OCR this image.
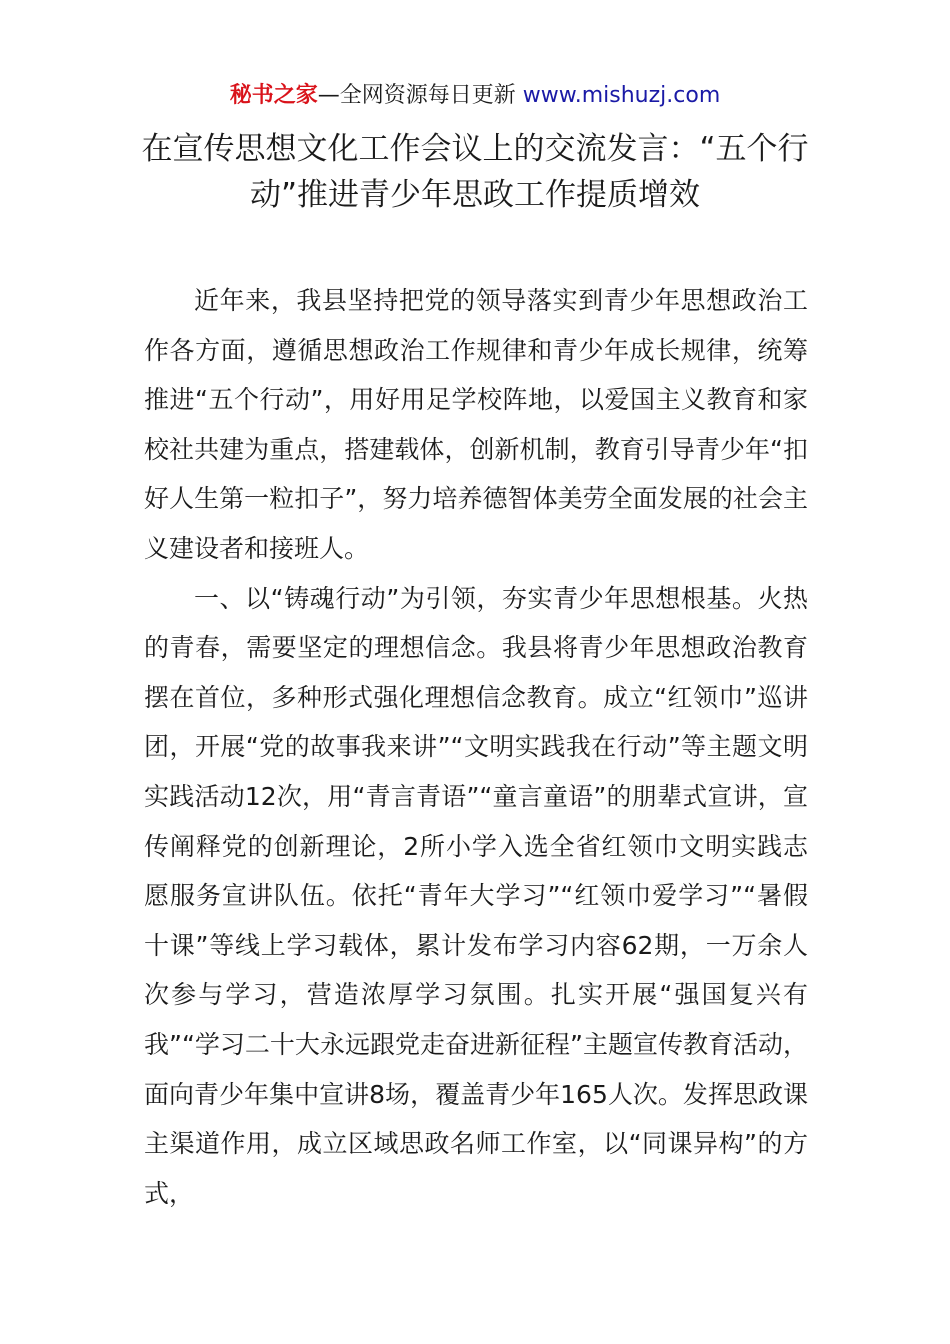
秘书之家—全网资源每日更新 www.mishuzj.com
在宣传思想文化工作会议上的交流发言：“五个行动”推进青少年思政工作提质增效

近年来，我县坚持把党的领导落实到青少年思想政治工作各方面，遵循思想政治工作规律和青少年成长规律，统筹推进“五个行动”，用好用足学校阵地，以爱国主义教育和家校社共建为重点，搭建载体，创新机制，教育引导青少年“扣好人生第一粒扣子”，努力培养德智体美劳全面发展的社会主义建设者和接班人。

一、以“铸魂行动”为引领，夯实青少年思想根基。火热的青春，需要坚定的理想信念。我县将青少年思想政治教育摆在首位，多种形式强化理想信念教育。成立“红领巾”巡讲团，开展“党的故事我来讲”“文明实践我在行动”等主题文明实践活动12次，用“青言青语”“童言童语”的朋辈式宣讲，宣传阐释党的创新理论，2所小学入选全省红领巾文明实践志愿服务宣讲队伍。依托“青年大学习”“红领巾爱学习”“暑假十课”等线上学习载体，累计发布学习内容62期，一万余人次参与学习，营造浓厚学习氛围。扎实开展“强国复兴有我”“学习二十大永远跟党走奋进新征程”主题宣传教育活动，面向青少年集中宣讲8场，覆盖青少年165人次。发挥思政课主渠道作用，成立区域思政名师工作室，以“同课异构”的方式，
